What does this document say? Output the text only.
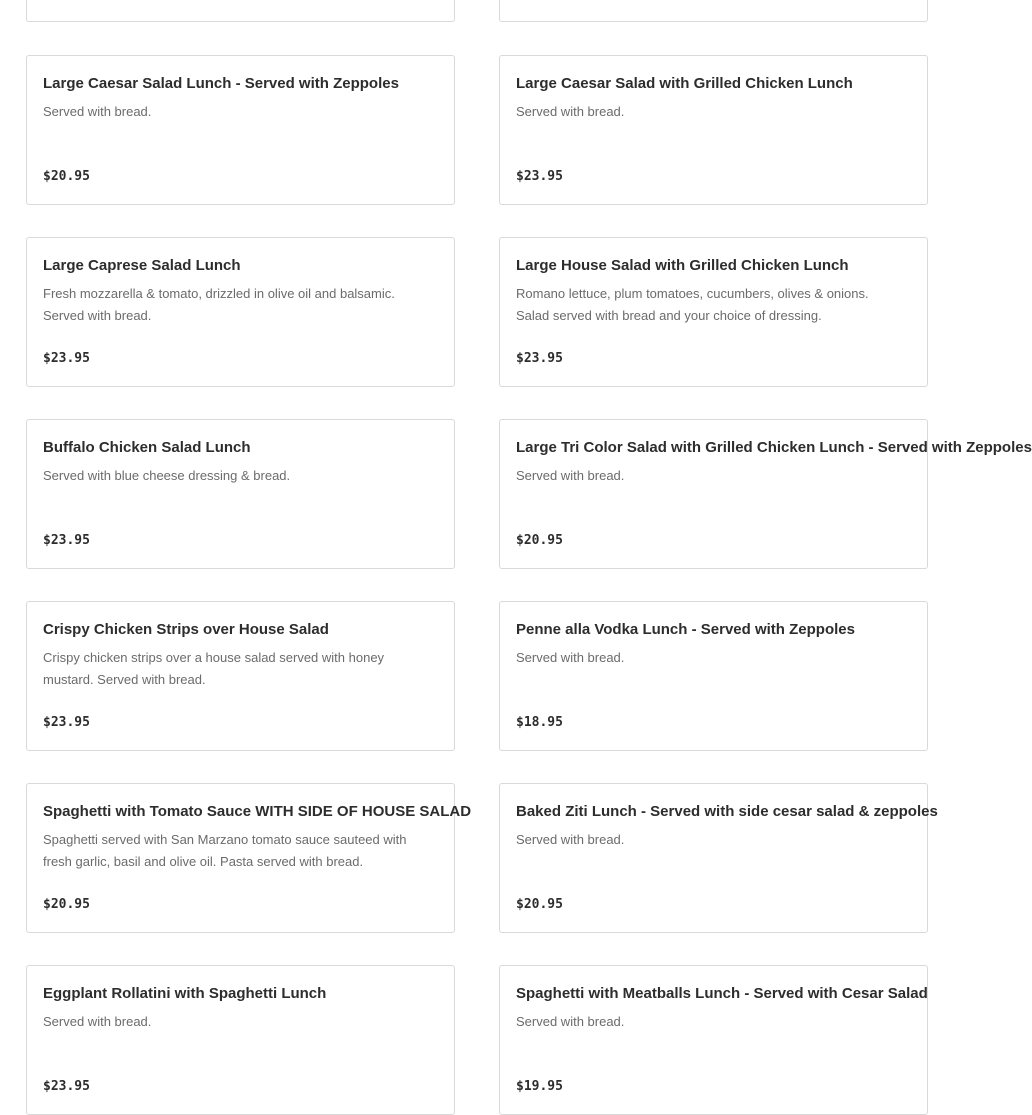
Large Caesar Salad Lunch - Served with Zeppoles
Served with bread.
$20.95
Large Caesar Salad with Grilled Chicken Lunch
Served with bread.
$23.95
Large Caprese Salad Lunch
Fresh mozzarella & tomato, drizzled in olive oil and balsamic. Served with bread.
$23.95
Large House Salad with Grilled Chicken Lunch
Romano lettuce, plum tomatoes, cucumbers, olives & onions. Salad served with bread and your choice of dressing.
$23.95
Buffalo Chicken Salad Lunch
Served with blue cheese dressing & bread.
$23.95
Large Tri Color Salad with Grilled Chicken Lunch - Served with Zeppoles
Served with bread.
$20.95
Crispy Chicken Strips over House Salad
Crispy chicken strips over a house salad served with honey mustard. Served with bread.
$23.95
Penne alla Vodka Lunch - Served with Zeppoles
Served with bread.
$18.95
Spaghetti with Tomato Sauce WITH SIDE OF HOUSE SALAD
Spaghetti served with San Marzano tomato sauce sauteed with fresh garlic, basil and olive oil. Pasta served with bread.
$20.95
Baked Ziti Lunch - Served with side cesar salad & zeppoles
Served with bread.
$20.95
Eggplant Rollatini with Spaghetti Lunch
Served with bread.
$23.95
Spaghetti with Meatballs Lunch - Served with Cesar Salad
Served with bread.
$19.95
